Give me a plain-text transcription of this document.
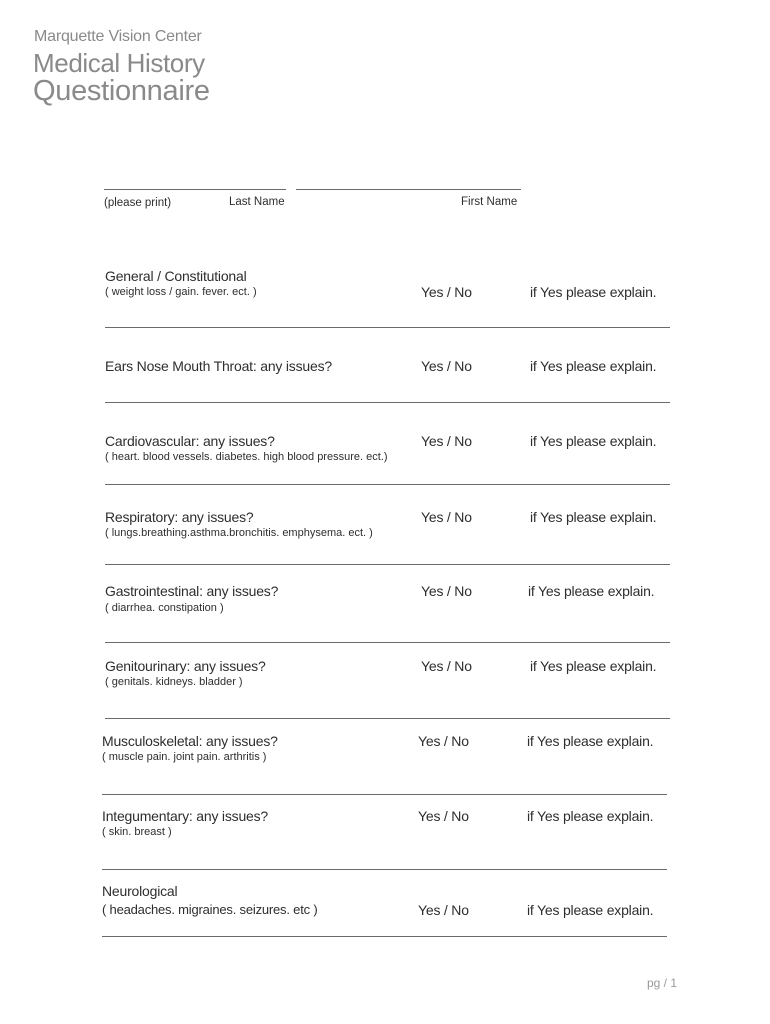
Marquette Vision Center
Medical History
Questionnaire
(please print)	Last Name	First Name
General / Constitutional
( weight loss / gain. fever. ect. )	Yes / No	if Yes please explain.
Ears Nose Mouth Throat: any issues?	Yes / No	if Yes please explain.
Cardiovascular: any issues?
( heart. blood vessels. diabetes. high blood pressure. ect.)
Yes / No	if Yes please explain.
Respiratory: any issues?
( lungs.breathing.asthma.bronchitis. emphysema. ect. )
Yes / No	if Yes please explain.
Gastrointestinal: any issues?
( diarrhea. constipation )
Yes / No	if Yes please explain.
Genitourinary: any issues?
( genitals. kidneys. bladder )
Yes / No	if Yes please explain.
Musculoskeletal: any issues?
( muscle pain. joint pain. arthritis )
Yes / No	if Yes please explain.
Integumentary: any issues?
( skin. breast )
Yes / No	if Yes please explain.
Neurological
( headaches. migraines. seizures. etc )	Yes / No	if Yes please explain.
pg / 1
